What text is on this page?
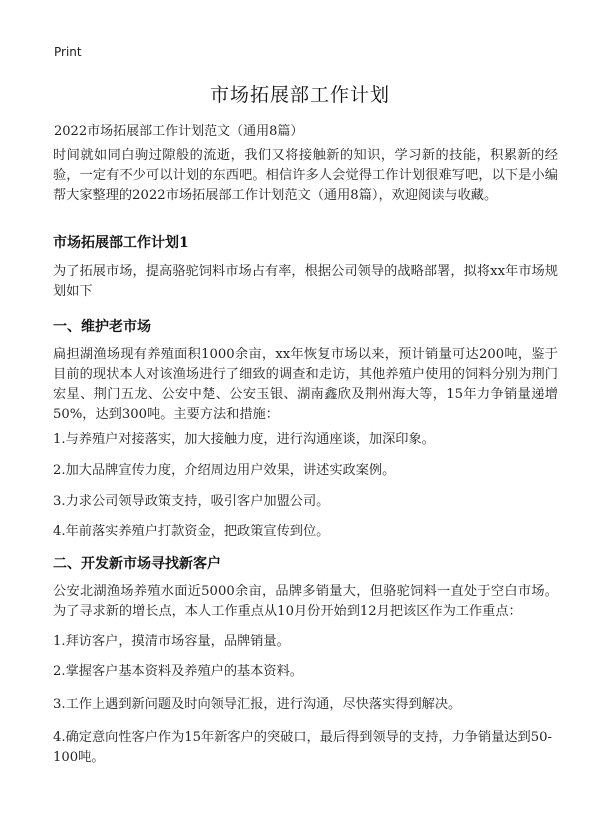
Print
市场拓展部工作计划
2022市场拓展部工作计划范文（通用8篇）
时间就如同白驹过隙般的流逝，我们又将接触新的知识，学习新的技能，积累新的经验，一定有不少可以计划的东西吧。相信许多人会觉得工作计划很难写吧，以下是小编帮大家整理的2022市场拓展部工作计划范文（通用8篇），欢迎阅读与收藏。
市场拓展部工作计划1
为了拓展市场，提高骆驼饲料市场占有率，根据公司领导的战略部署，拟将xx年市场规划如下
一、维护老市场
扁担湖渔场现有养殖面积1000余亩，xx年恢复市场以来，预计销量可达200吨，鉴于目前的现状本人对该渔场进行了细致的调查和走访，其他养殖户使用的饲料分别为荆门宏星、荆门五龙、公安中楚、公安玉银、湖南鑫欣及荆州海大等，15年力争销量递增50%，达到300吨。主要方法和措施：
1.与养殖户对接落实，加大接触力度，进行沟通座谈，加深印象。
2.加大品牌宣传力度，介绍周边用户效果，讲述实政案例。
3.力求公司领导政策支持，吸引客户加盟公司。
4.年前落实养殖户打款资金，把政策宣传到位。
二、开发新市场寻找新客户
公安北湖渔场养殖水面近5000余亩，品牌多销量大，但骆驼饲料一直处于空白市场。为了寻求新的增长点，本人工作重点从10月份开始到12月把该区作为工作重点：
1.拜访客户，摸清市场容量，品牌销量。
2.掌握客户基本资料及养殖户的基本资料。
3.工作上遇到新问题及时向领导汇报，进行沟通，尽快落实得到解决。
4.确定意向性客户作为15年新客户的突破口，最后得到领导的支持，力争销量达到50-100吨。
